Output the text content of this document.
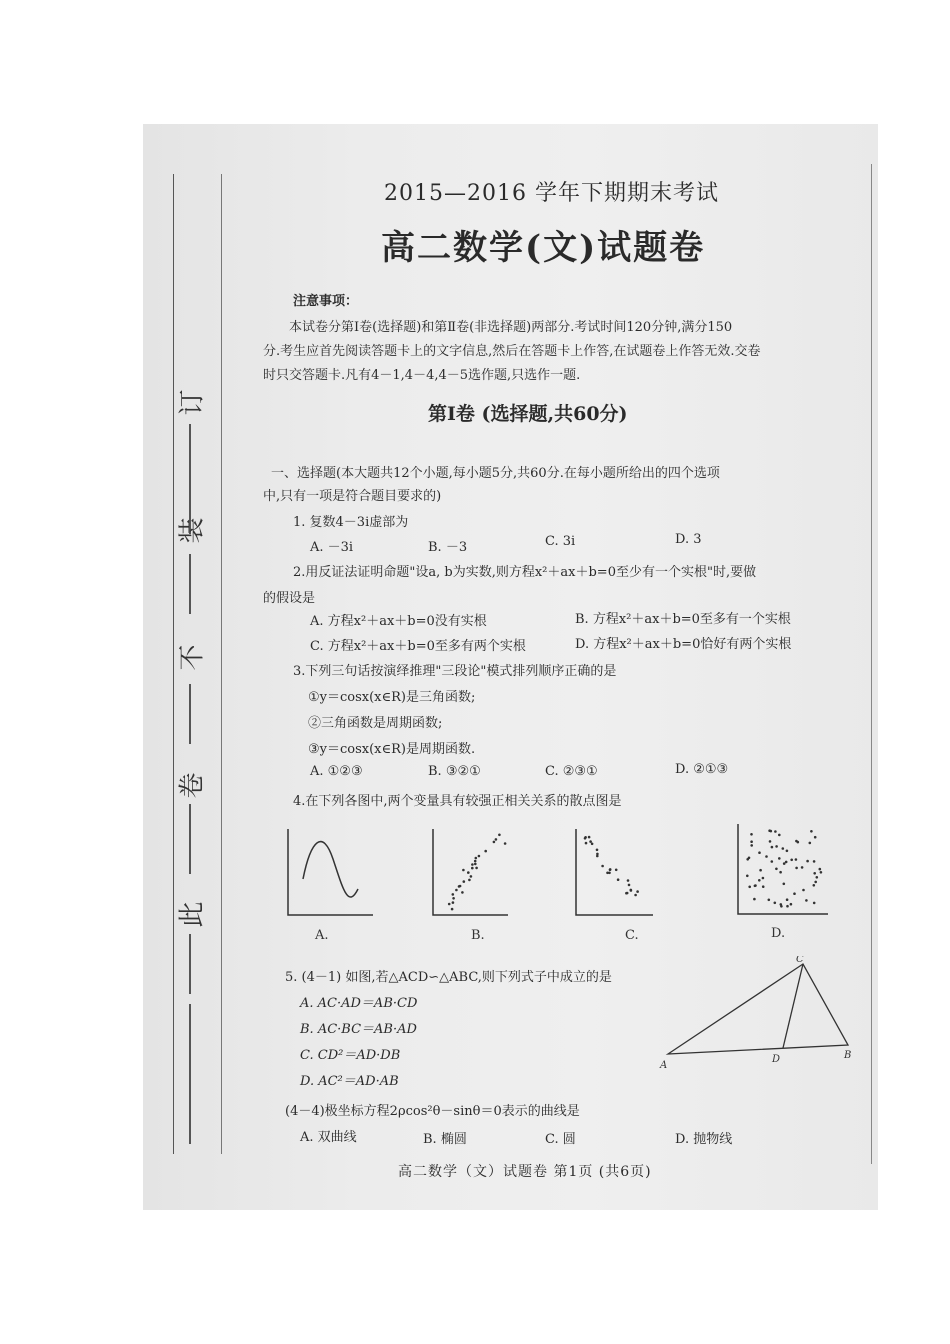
订
装
不
卷
此
2015—2016 学年下期期末考试
高二数学(文)试题卷
注意事项：
本试卷分第Ⅰ卷(选择题)和第Ⅱ卷(非选择题)两部分.考试时间120分钟,满分150
分.考生应首先阅读答题卡上的文字信息,然后在答题卡上作答,在试题卷上作答无效.交卷
时只交答题卡.凡有4－1,4－4,4－5选作题,只选作一题.
第Ⅰ卷 (选择题,共60分)
一、选择题(本大题共12个小题,每小题5分,共60分.在每小题所给出的四个选项
中,只有一项是符合题目要求的)
1. 复数4－3i虚部为
A. －3i	B. －3	C. 3i	D. 3
2.用反证法证明命题"设a, b为实数,则方程x²＋ax＋b=0至少有一个实根"时,要做
的假设是
A. 方程x²＋ax＋b=0没有实根	B. 方程x²＋ax＋b=0至多有一个实根
C. 方程x²＋ax＋b=0至多有两个实根	D. 方程x²＋ax＋b=0恰好有两个实根
3.下列三句话按演绎推理"三段论"模式排列顺序正确的是
①y＝cosx(x∈R)是三角函数;
②三角函数是周期函数;
③y＝cosx(x∈R)是周期函数.
A. ①②③	B. ③②①	C. ②③①	D. ②①③
4.在下列各图中,两个变量具有较强正相关关系的散点图是
A.	B.	C.	D.
5. (4－1) 如图,若△ACD∽△ABC,则下列式子中成立的是
A. AC·AD＝AB·CD
B. AC·BC＝AB·AD
C. CD²＝AD·DB
D. AC²＝AD·AB
A
C
B
D
(4－4)极坐标方程2ρcos²θ－sinθ＝0表示的曲线是
A. 双曲线	B. 椭圆	C. 圆	D. 抛物线
高二数学（文）试题卷 第1页 (共6页)
